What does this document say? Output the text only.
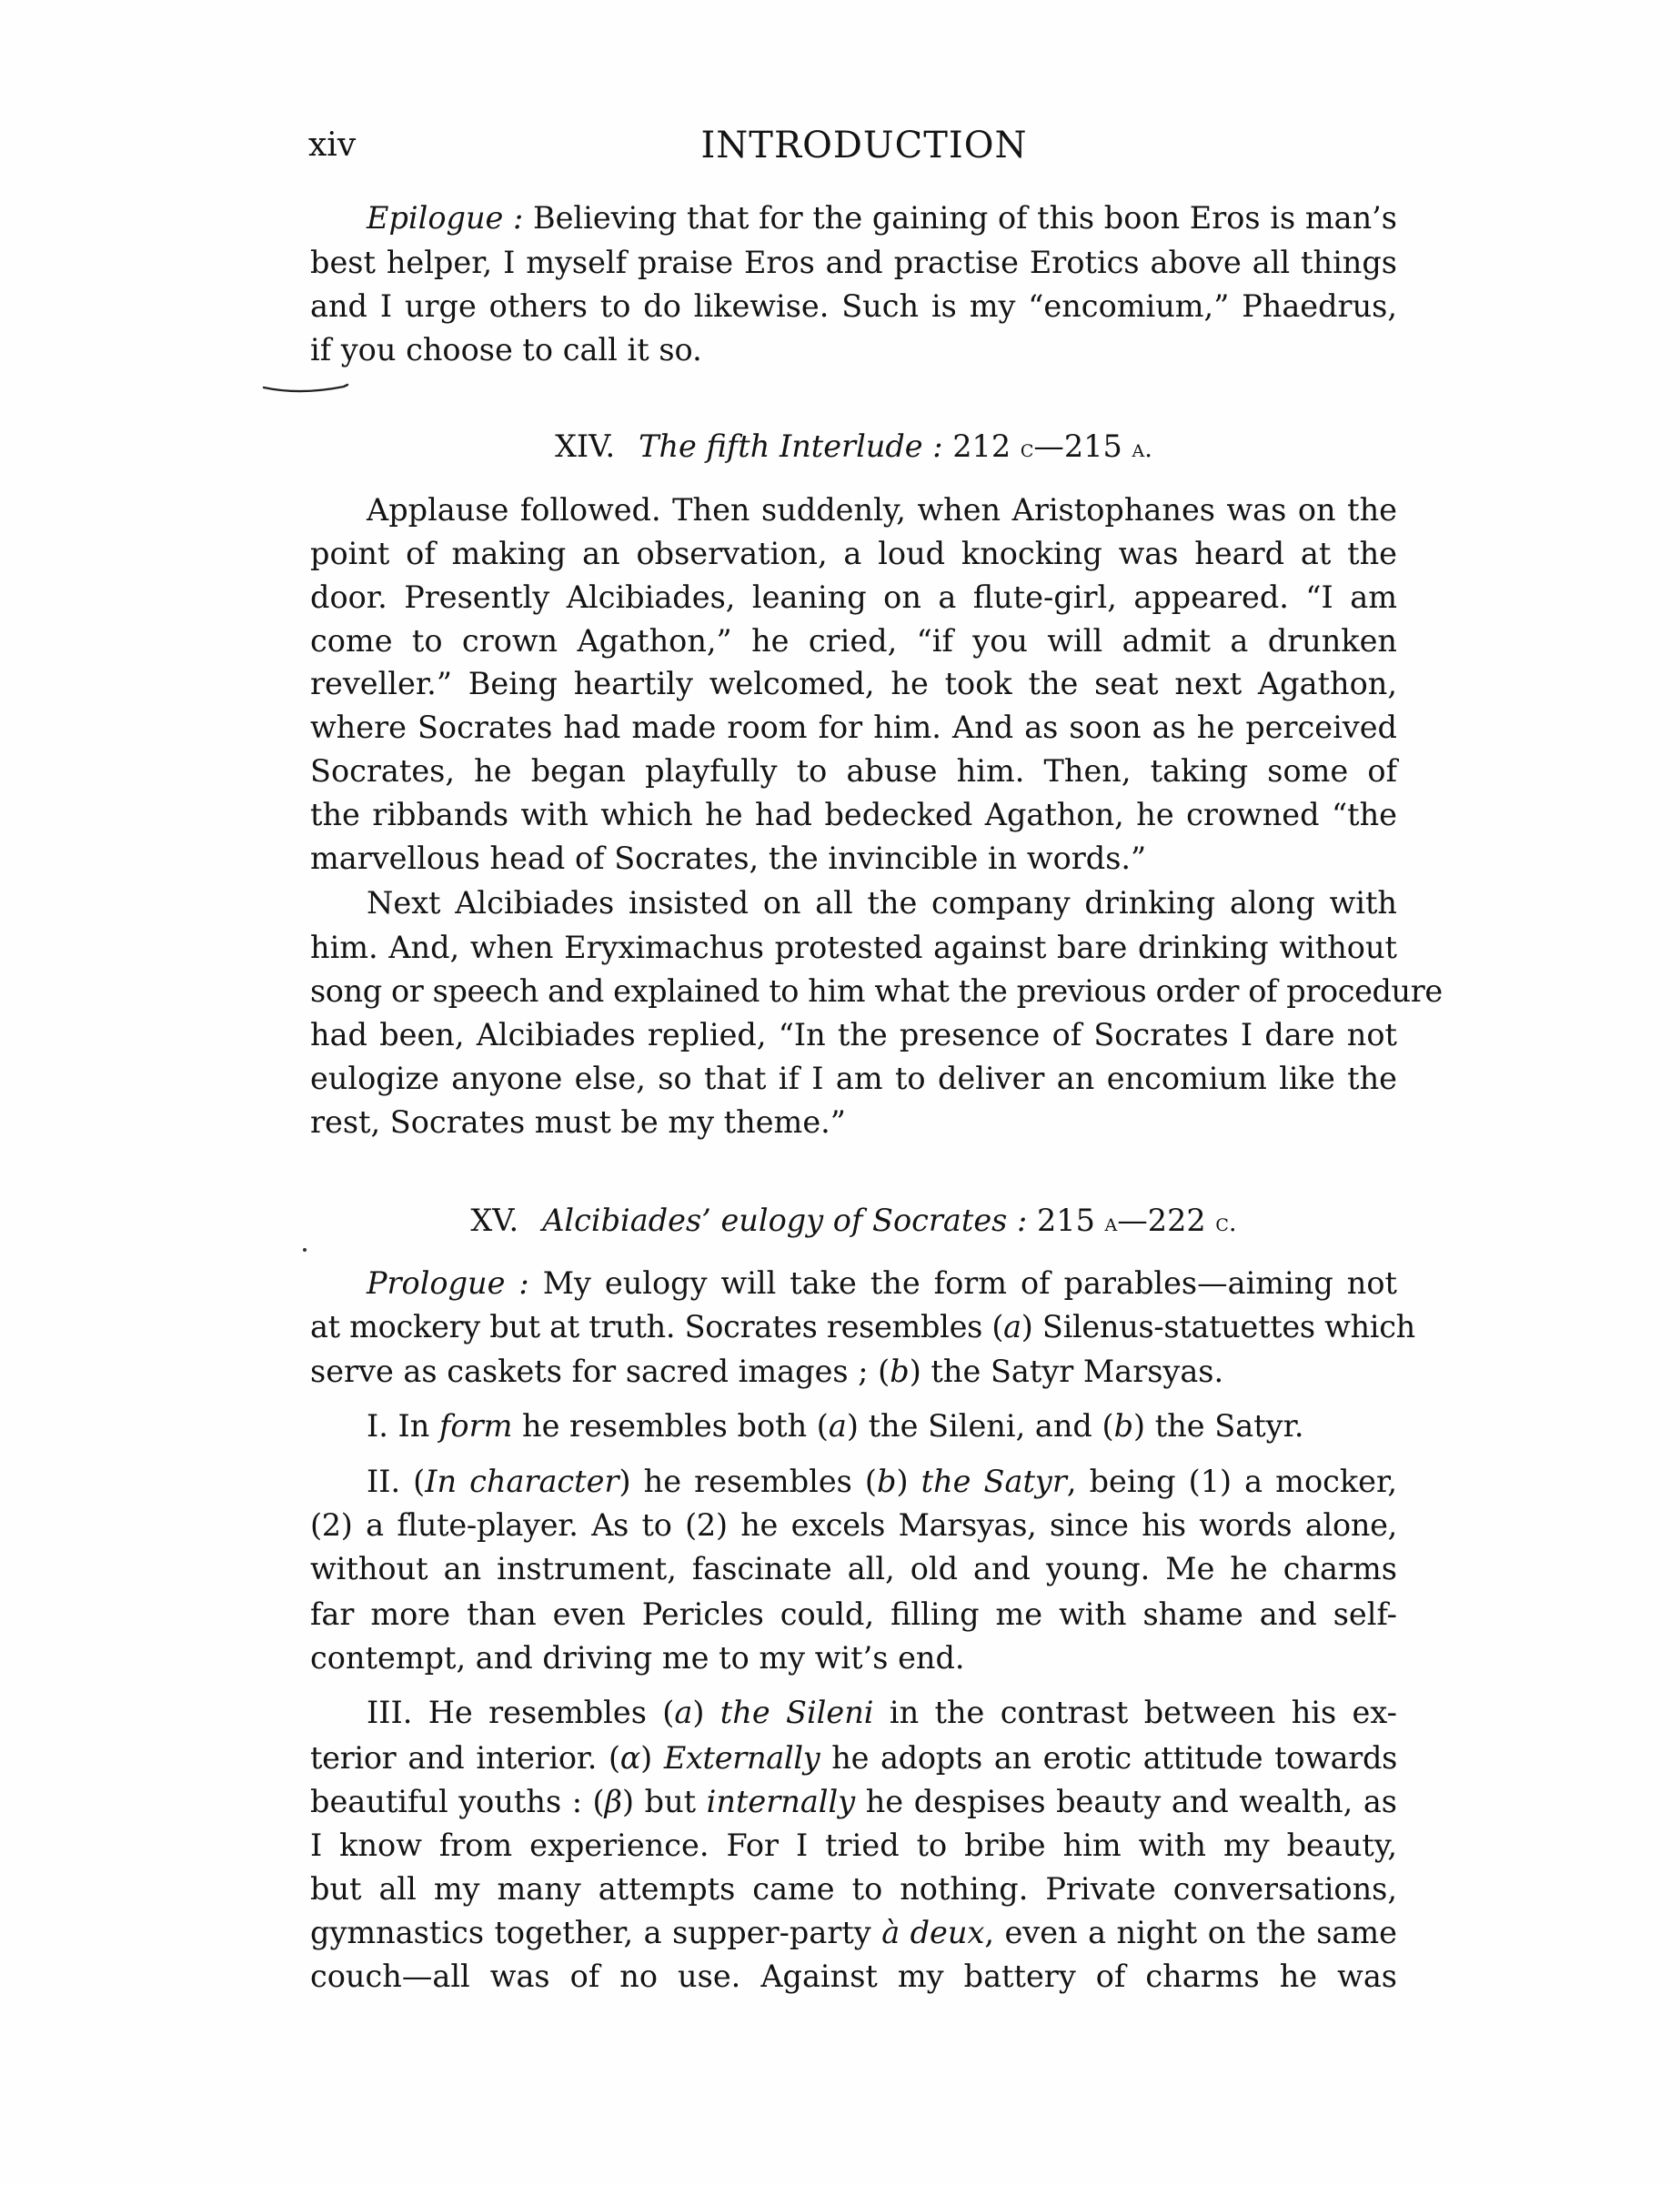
xiv	INTRODUCTION
Epilogue : Believing that for the gaining of this boon Eros is man’s
best helper, I myself praise Eros and practise Erotics above all things
and I urge others to do likewise. Such is my “encomium,” Phaedrus,
if you choose to call it so.
XIV. The fifth Interlude : 212 c—215 a.
Applause followed. Then suddenly, when Aristophanes was on the
point of making an observation, a loud knocking was heard at the
door. Presently Alcibiades, leaning on a flute-girl, appeared. “I am
come to crown Agathon,” he cried, “if you will admit a drunken
reveller.” Being heartily welcomed, he took the seat next Agathon,
where Socrates had made room for him. And as soon as he perceived
Socrates, he began playfully to abuse him. Then, taking some of
the ribbands with which he had bedecked Agathon, he crowned “the
marvellous head of Socrates, the invincible in words.”
Next Alcibiades insisted on all the company drinking along with
him. And, when Eryximachus protested against bare drinking without
song or speech and explained to him what the previous order of procedure
had been, Alcibiades replied, “In the presence of Socrates I dare not
eulogize anyone else, so that if I am to deliver an encomium like the
rest, Socrates must be my theme.”
XV. Alcibiades’ eulogy of Socrates : 215 a—222 c.
Prologue : My eulogy will take the form of parables—aiming not
at mockery but at truth. Socrates resembles (a) Silenus-statuettes which
serve as caskets for sacred images ; (b) the Satyr Marsyas.
I. In form he resembles both (a) the Sileni, and (b) the Satyr.
II. (In character) he resembles (b) the Satyr, being (1) a mocker,
(2) a flute-player. As to (2) he excels Marsyas, since his words alone,
without an instrument, fascinate all, old and young. Me he charms
far more than even Pericles could, filling me with shame and self-
contempt, and driving me to my wit’s end.
III. He resembles (a) the Sileni in the contrast between his ex-
terior and interior. (α) Externally he adopts an erotic attitude towards
beautiful youths : (β) but internally he despises beauty and wealth, as
I know from experience. For I tried to bribe him with my beauty,
but all my many attempts came to nothing. Private conversations,
gymnastics together, a supper-party à deux, even a night on the same
couch—all was of no use. Against my battery of charms he was
